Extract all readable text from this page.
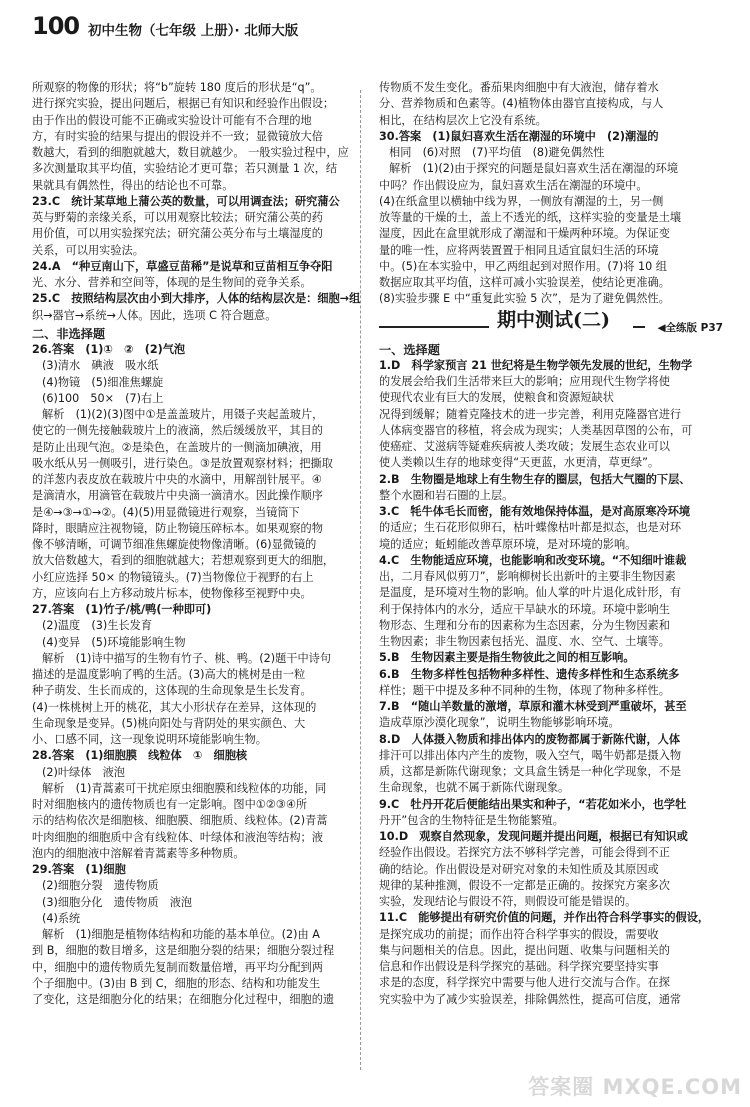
100 初中生物（七年级 上册）· 北师大版
所观察的物像的形状；将“b”旋转 180 度后的形状是“q”。
进行探究实验，提出问题后，根据已有知识和经验作出假设；
由于作出的假设可能不正确或实验设计可能有不合理的地
方，有时实验的结果与提出的假设并不一致；显微镜放大倍
数越大，看到的细胞就越大，数目就越少。 一般实验过程中，应
多次测量取其平均值，实验结论才更可靠；若只测量 1 次，结
果就具有偶然性，得出的结论也不可靠。
23.C　统计某草地上蒲公英的数量，可以用调查法；研究蒲公
英与野菊的亲缘关系，可以用观察比较法；研究蒲公英的药
用价值，可以用实验探究法；研究蒲公英分布与土壤湿度的
关系，可以用实验法。
24.A　“种豆南山下，草盛豆苗稀”是说草和豆苗相互争夺阳
光、水分、营养和空间等，体现的是生物间的竞争关系。
25.C　按照结构层次由小到大排序，人体的结构层次是：细胞→组
织→器官→系统→人体。因此，选项 C 符合题意。
二、非选择题
26.答案　(1)①　②　(2)气泡
(3)清水　碘液　吸水纸
(4)物镜　(5)细准焦螺旋
(6)100　50×　(7)右上
解析　(1)(2)(3)图中①是盖盖玻片，用镊子夹起盖玻片，
使它的一侧先接触载玻片上的液滴，然后缓缓放平，其目的
是防止出现气泡。②是染色，在盖玻片的一侧滴加碘液，用
吸水纸从另一侧吸引，进行染色。③是放置观察材料；把撕取
的洋葱内表皮放在载玻片中央的水滴中，用解剖针展平。④
是滴清水，用滴管在载玻片中央滴一滴清水。因此操作顺序
是④→③→①→②。(4)(5)用显微镜进行观察，当镜筒下
降时，眼睛应注视物镜，防止物镜压碎标本。如果观察的物
像不够清晰，可调节细准焦螺旋使物像清晰。(6)显微镜的
放大倍数越大，看到的细胞就越大；若想观察到更大的细胞，
小红应选择 50× 的物镜镜头。(7)当物像位于视野的右上
方，应该向右上方移动玻片标本，使物像移至视野中央。
27.答案　(1)竹子/桃/鸭(一种即可)
(2)温度　(3)生长发育
(4)变异　(5)环境能影响生物
解析　(1)诗中描写的生物有竹子、桃、鸭。(2)题干中诗句
描述的是温度影响了鸭的生活。(3)高大的桃树是由一粒
种子萌发、生长而成的，这体现的生命现象是生长发育。
(4)一株桃树上开的桃花，其大小形状存在差异，这体现的
生命现象是变异。(5)桃向阳处与背阴处的果实颜色、大
小、口感不同，这一现象说明环境能影响生物。
28.答案　(1)细胞膜　线粒体　①　细胞核
(2)叶绿体　液泡
解析　(1)青蒿素可干扰疟原虫细胞膜和线粒体的功能，同
时对细胞核内的遗传物质也有一定影响。图中①②③④所
示的结构依次是细胞核、细胞膜、细胞质、线粒体。(2)青蒿
叶肉细胞的细胞质中含有线粒体、叶绿体和液泡等结构；液
泡内的细胞液中溶解着青蒿素等多种物质。
29.答案　(1)细胞
(2)细胞分裂　遗传物质
(3)细胞分化　遗传物质　液泡
(4)系统
解析　(1)细胞是植物体结构和功能的基本单位。(2)由 A
到 B，细胞的数目增多，这是细胞分裂的结果；细胞分裂过程
中，细胞中的遗传物质先复制而数量倍增，再平均分配到两
个子细胞中。(3)由 B 到 C，细胞的形态、结构和功能发生
了变化，这是细胞分化的结果；在细胞分化过程中，细胞的遗
传物质不发生变化。番茄果肉细胞中有大液泡，储存着水
分、营养物质和色素等。(4)植物体由器官直接构成，与人
相比，在结构层次上它没有系统。
30.答案　(1)鼠妇喜欢生活在潮湿的环境中　(2)潮湿的
相同　(6)对照　(7)平均值　(8)避免偶然性
解析　(1)(2)由于探究的问题是鼠妇喜欢生活在潮湿的环境
中吗？作出假设应为，鼠妇喜欢生活在潮湿的环境中。
(4)在纸盒里以横轴中线为界，一侧放有潮湿的土，另一侧
放等量的干燥的土，盖上不透光的纸，这样实验的变量是土壤
湿度，因此在盒里就形成了潮湿和干燥两种环境。为保证变
量的唯一性，应将两装置置于相同且适宜鼠妇生活的环境
中。(5)在本实验中，甲乙两组起到对照作用。(7)将 10 组
数据应取其平均值，这样可减小实验误差，使结论更准确。
(8)实验步骤 E 中“重复此实验 5 次”，是为了避免偶然性。
期中测试(二)	◀全练版 P37
一、选择题
1.D　科学家预言 21 世纪将是生物学领先发展的世纪，生物学
的发展会给我们生活带来巨大的影响；应用现代生物学将使
使现代农业有巨大的发展，使粮食和资源短缺状
况得到缓解；随着克隆技术的进一步完善，利用克隆器官进行
人体病变器官的移植，将会成为现实；人类基因草图的公布，可
使癌症、艾滋病等疑难疾病被人类攻破；发展生态农业可以
使人类赖以生存的地球变得“天更蓝，水更清，草更绿”。
2.B　生物圈是地球上有生物生存的圈层，包括大气圈的下层、
整个水圈和岩石圈的上层。
3.C　牦牛体毛长而密，能有效地保持体温，是对高原寒冷环境
的适应；生石花形似卵石，枯叶蝶像枯叶都是拟态，也是对环
境的适应；蚯蚓能改善草原环境，是对环境的影响。
4.C　生物能适应环境，也能影响和改变环境。“不知细叶谁裁
出，二月春风似剪刀”，影响柳树长出新叶的主要非生物因素
是温度，是环境对生物的影响。仙人掌的叶片退化成针形，有
利于保持体内的水分，适应干旱缺水的环境。环境中影响生
物形态、生理和分布的因素称为生态因素，分为生物因素和
生物因素；非生物因素包括光、温度、水、空气、土壤等。
5.B　生物因素主要是指生物彼此之间的相互影响。
6.B　生物多样性包括物种多样性、遗传多样性和生态系统多
样性；题干中提及多种不同种的生物，体现了物种多样性。
7.B　“随山羊数量的激增，草原和灌木林受到严重破坏，甚至
造成草原沙漠化现象”，说明生物能够影响环境。
8.D　人体摄入物质和排出体内的废物都属于新陈代谢，人体
排汗可以排出体内产生的废物，吸入空气，喝牛奶都是摄入物
质，这都是新陈代谢现象；文具盒生锈是一种化学现象，不是
生命现象，也就不属于新陈代谢现象。
9.C　牡丹开花后便能结出果实和种子，“若花如米小，也学牡
丹开”包含的生物特征是生物能繁殖。
10.D　观察自然现象，发现问题并提出问题，根据已有知识或
经验作出假设。若探究方法不够科学完善，可能会得到不正
确的结论。作出假设是对研究对象的未知性质及其原因或
规律的某种推测，假设不一定都是正确的。按探究方案多次
实验，发现结论与假设不符，则假设可能是错误的。
11.C　能够提出有研究价值的问题，并作出符合科学事实的假设，
是探究成功的前提；而作出符合科学事实的假设，需要收
集与问题相关的信息。因此，提出问题、收集与问题相关的
信息和作出假设是科学探究的基础。科学探究要坚持实事
求是的态度，科学探究中需要与他人进行交流与合作。在探
究实验中为了减少实验误差，排除偶然性，提高可信度，通常
答案圈 MXQE.COM
